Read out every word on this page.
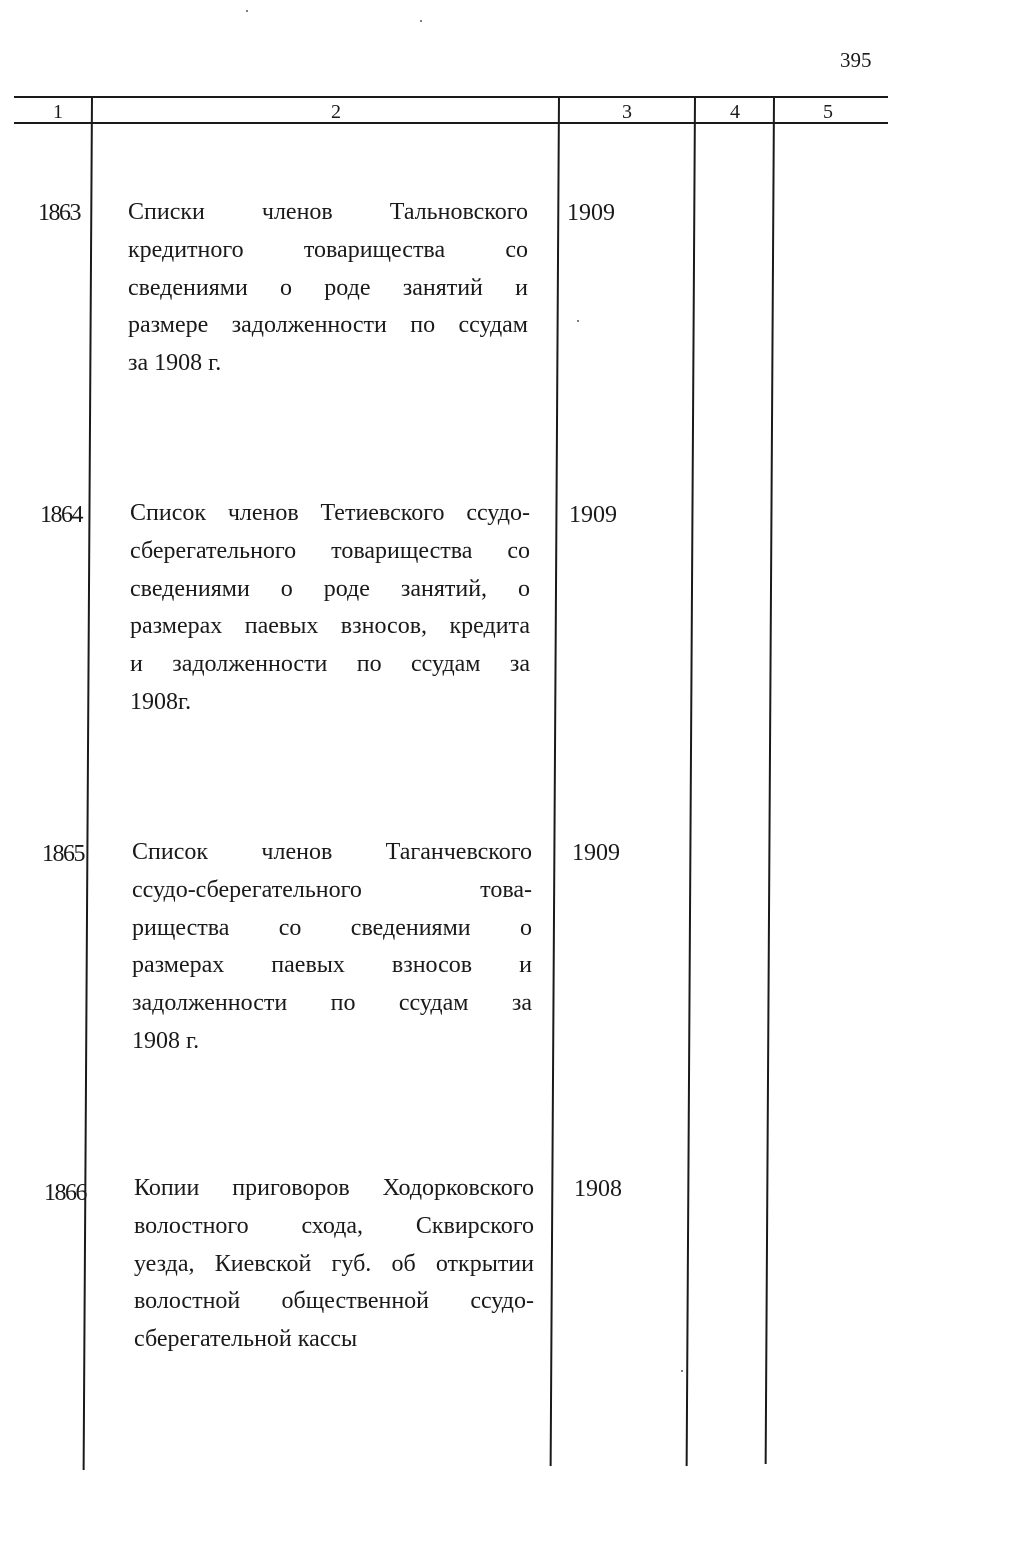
395
1	2	3	4	5
1863 Списки членов Тальновского
кредитного товарищества со
сведениями о роде занятий и
размере задолженности по ссудам
за 1908 г.
1909
1864 Список членов Тетиевского ссудо-
сберегательного товарищества со
сведениями о роде занятий, о
размерах паевых взносов, кредита
и задолженности по ссудам за
1908г.
1909
1865 Список членов Таганчевского
ссудо-сберегательного това-
рищества со сведениями о
размерах паевых взносов и
задолженности по ссудам за
1908 г.
1909
1866 Копии приговоров Ходорковского
волостного схода, Сквирского
уезда, Киевской губ. об открытии
волостной общественной ссудо-
сберегательной кассы
1908
